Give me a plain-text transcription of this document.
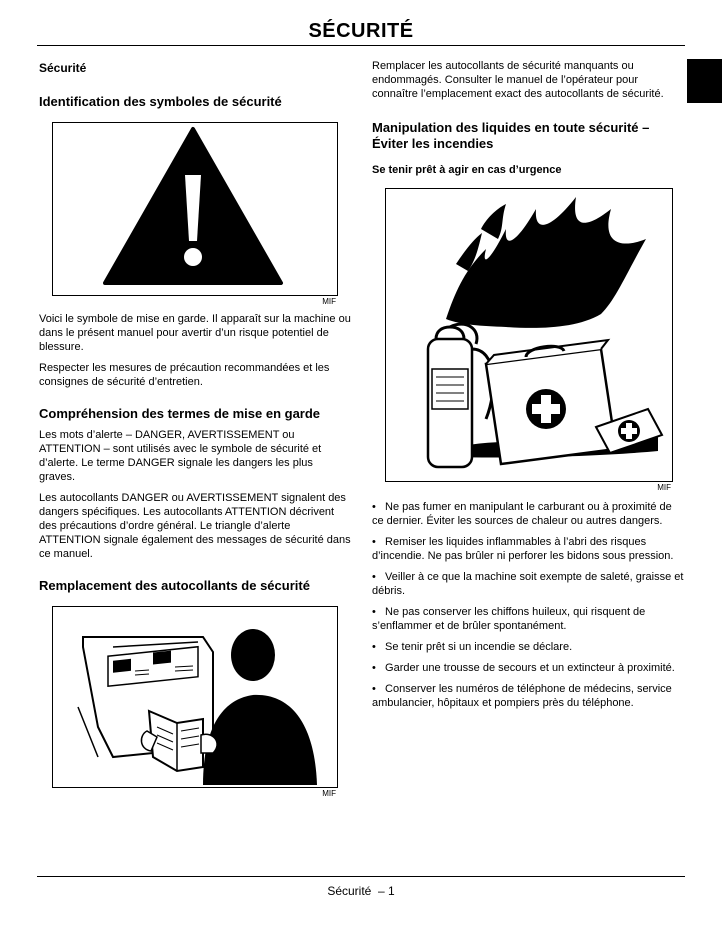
SÉCURITÉ
Sécurité
Identification des symboles de sécurité
MIF

Voici le symbole de mise en garde. Il apparaît sur la machine ou dans le présent manuel pour avertir d’un risque potentiel de blessure.

Respecter les mesures de précaution recommandées et les consignes de sécurité d’entretien.

Compréhension des termes de mise en garde

Les mots d’alerte – DANGER, AVERTISSEMENT ou ATTENTION – sont utilisés avec le symbole de sécurité et d’alerte. Le terme DANGER signale les dangers les plus graves.

Les autocollants DANGER ou AVERTISSEMENT signalent des dangers spécifiques. Les autocollants ATTENTION décrivent des précautions d’ordre général. Le triangle d’alerte ATTENTION signale également des messages de sécurité dans ce manuel.

Remplacement des autocollants de sécurité
MIF

Remplacer les autocollants de sécurité manquants ou endommagés. Consulter le manuel de l’opérateur pour connaître l’emplacement exact des autocollants de sécurité.

Manipulation des liquides en toute sécurité –
Éviter les incendies
Se tenir prêt à agir en cas d’urgence
MIF

•   Ne pas fumer en manipulant le carburant ou à proximité de ce dernier. Éviter les sources de chaleur ou autres dangers.

•   Remiser les liquides inflammables à l’abri des risques d’incendie. Ne pas brûler ni perforer les bidons sous pression.

•   Veiller à ce que la machine soit exempte de saleté, graisse et débris.

•   Ne pas conserver les chiffons huileux, qui risquent de s’enflammer et de brûler spontanément.

•   Se tenir prêt si un incendie se déclare.

•   Garder une trousse de secours et un extincteur à proximité.

•   Conserver les numéros de téléphone de médecins, service ambulancier, hôpitaux et pompiers près du téléphone.

Sécurité  – 1
